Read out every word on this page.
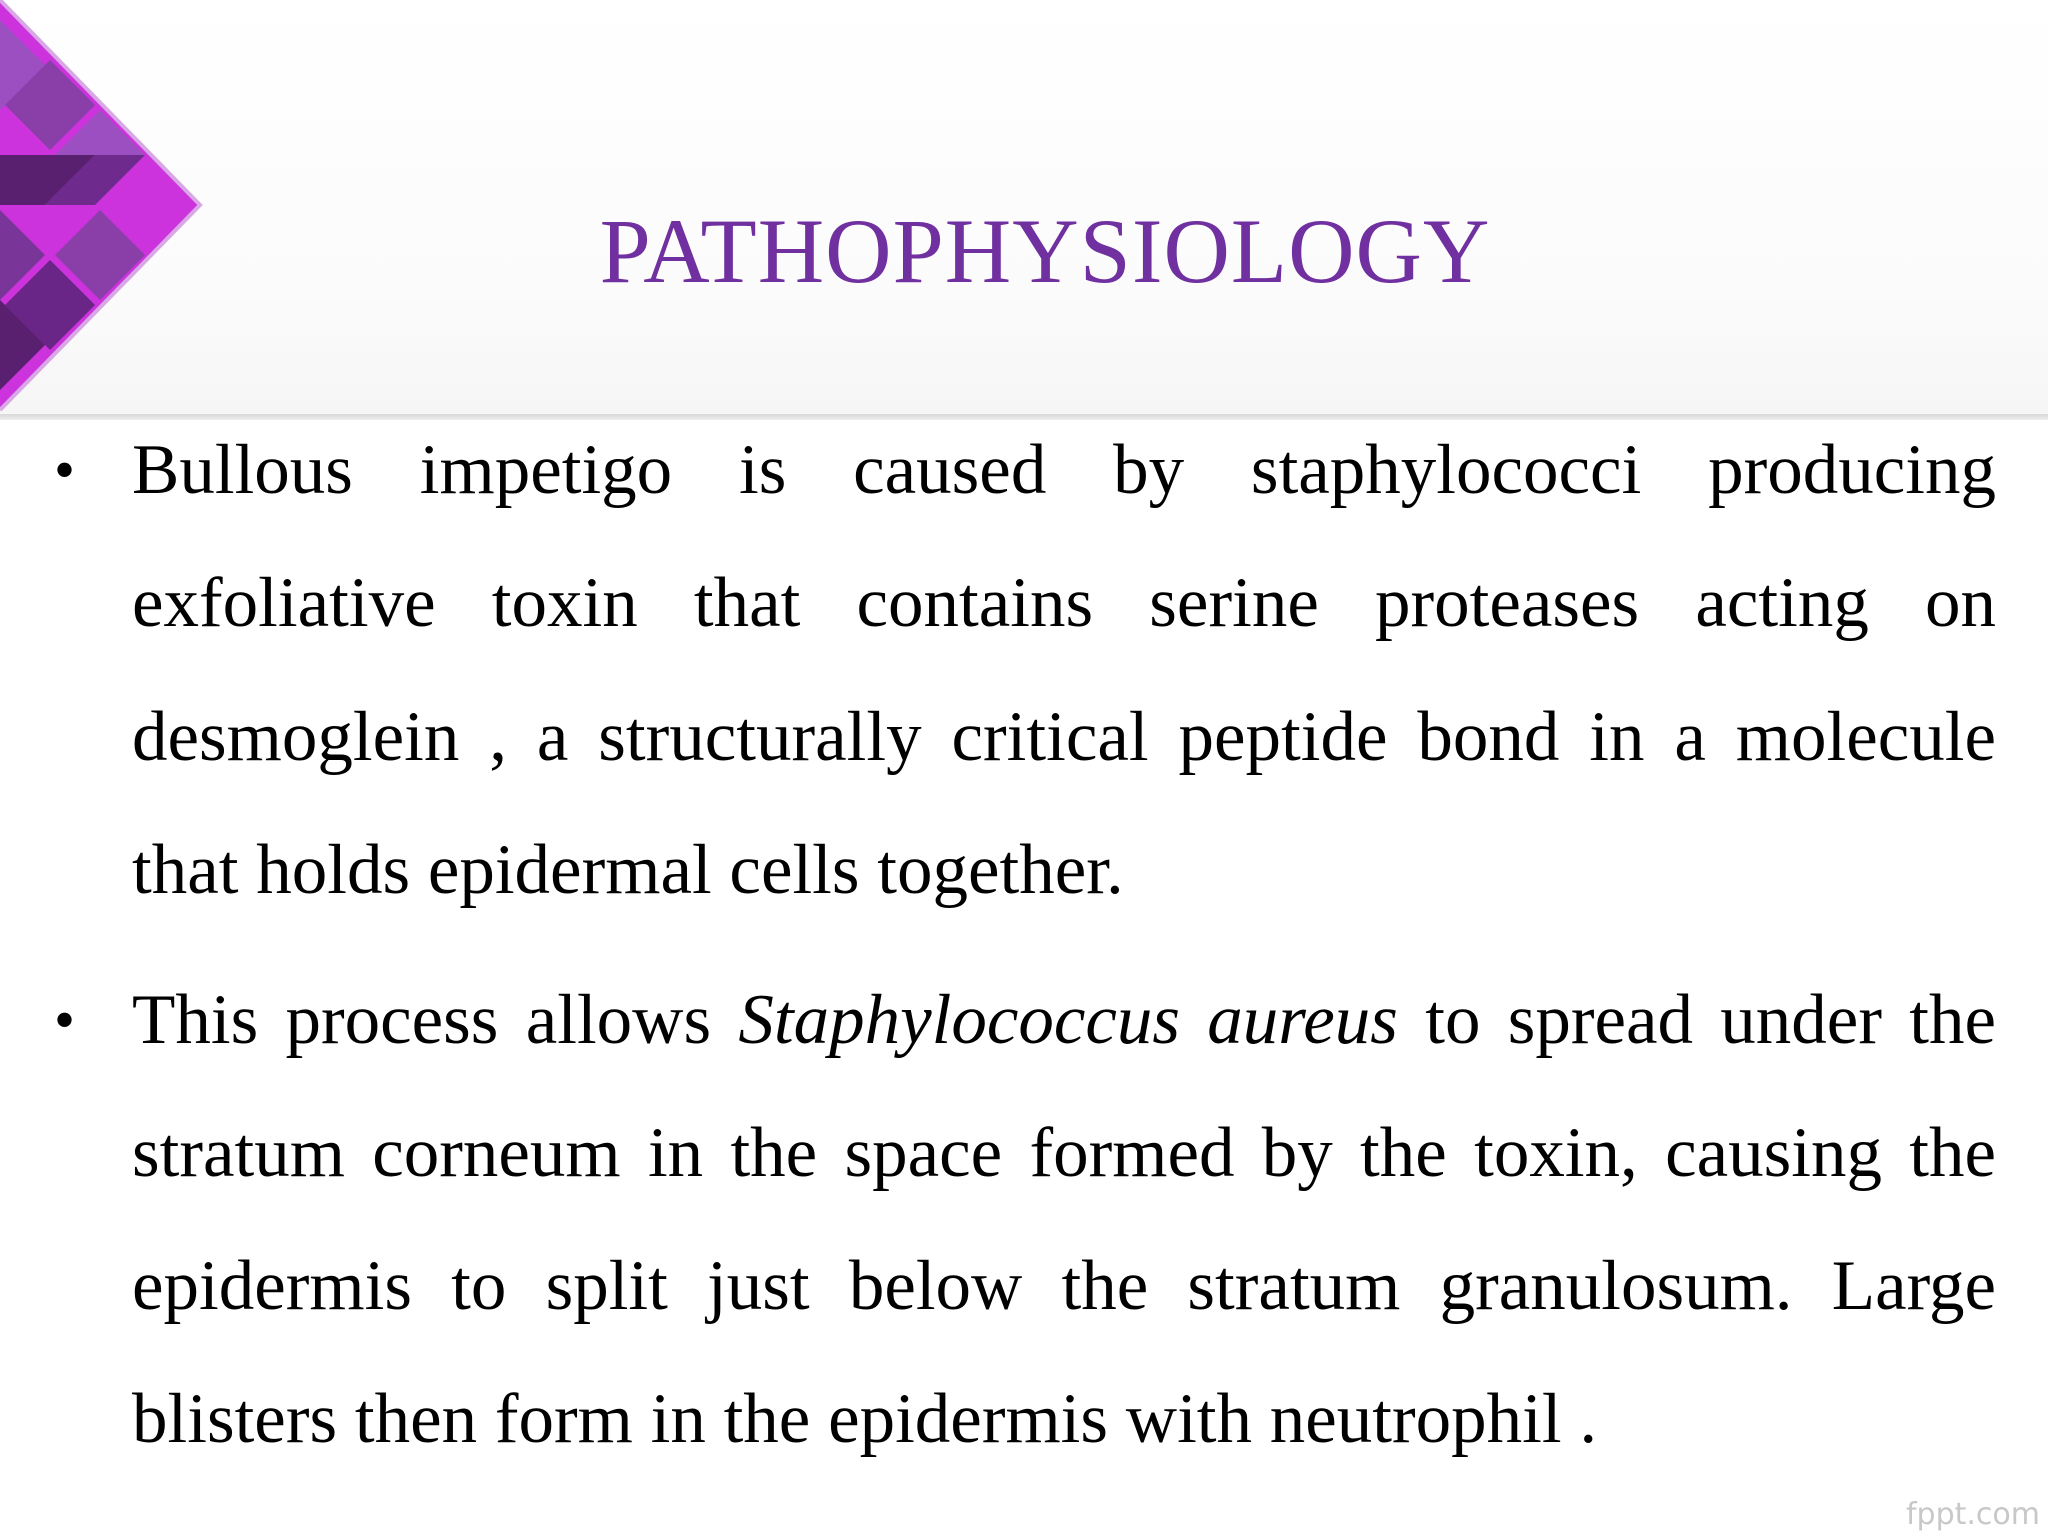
PATHOPHYSIOLOGY
• Bullous impetigo is caused by staphylococci producing
exfoliative toxin that contains serine proteases acting on
desmoglein , a structurally critical peptide bond in a molecule
that holds epidermal cells together.
• This process allows Staphylococcus aureus to spread under the
stratum corneum in the space formed by the toxin, causing the
epidermis to split just below the stratum granulosum. Large
blisters then form in the epidermis with neutrophil .
fppt.com
